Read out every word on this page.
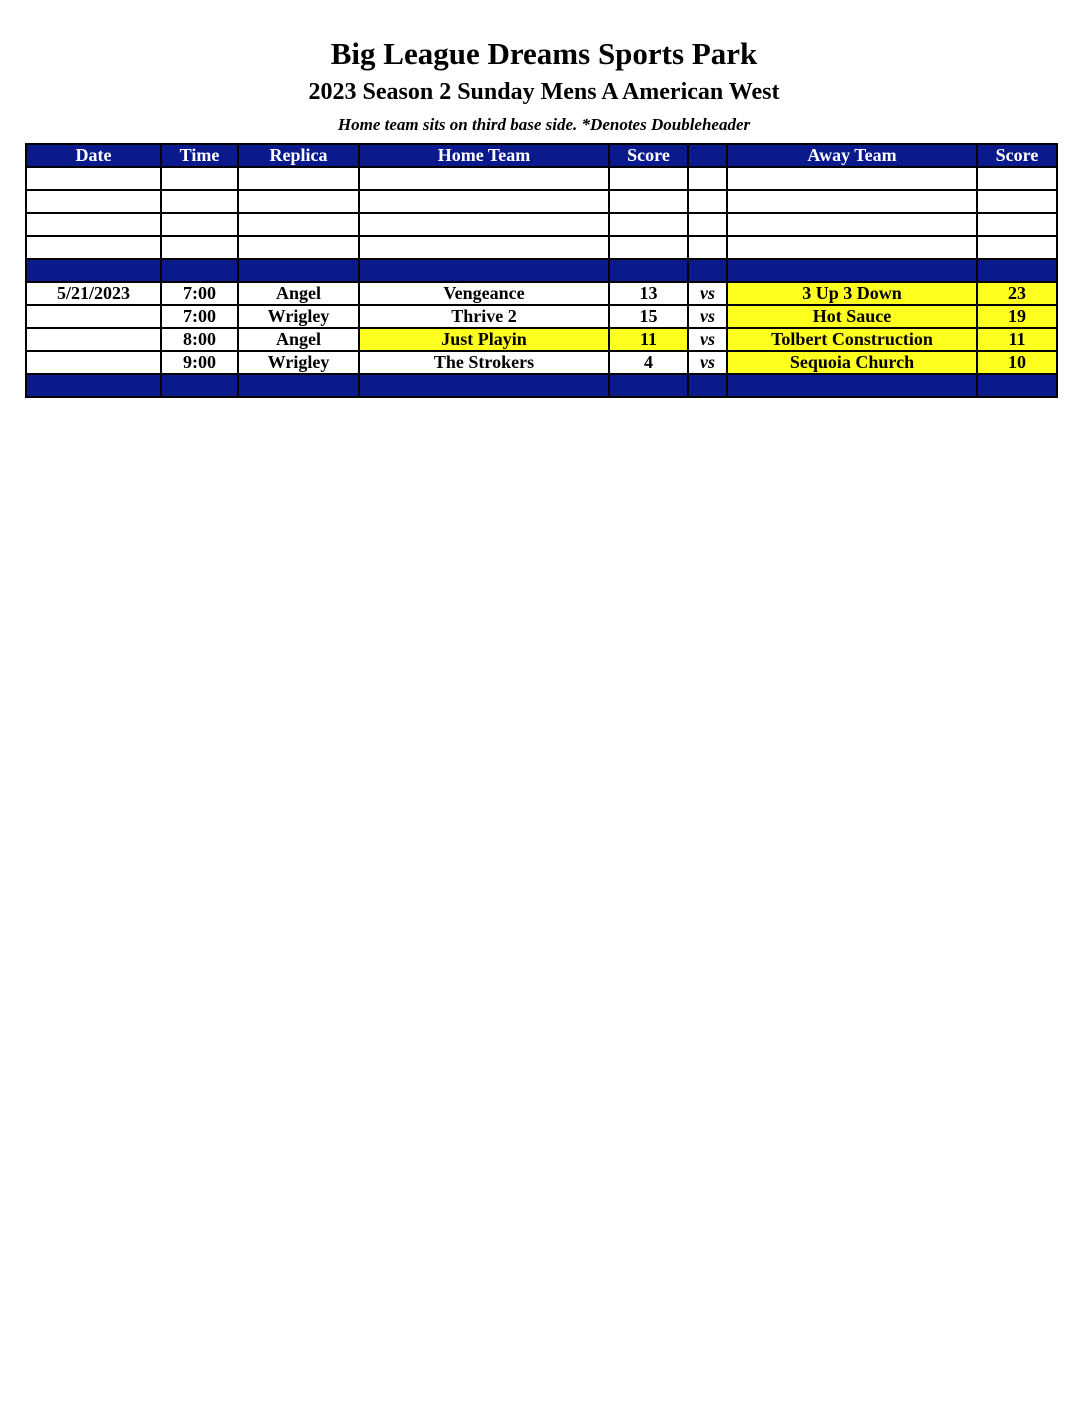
Big League Dreams Sports Park
2023 Season 2 Sunday Mens A American West
Home team sits on third base side. *Denotes Doubleheader
Date	Time	Replica	Home Team	Score		Away Team	Score

5/21/2023	7:00	Angel	Vengeance	13	vs	3 Up 3 Down	23
	7:00	Wrigley	Thrive 2	15	vs	Hot Sauce	19
	8:00	Angel	Just Playin	11	vs	Tolbert Construction	11
	9:00	Wrigley	The Strokers	4	vs	Sequoia Church	10
